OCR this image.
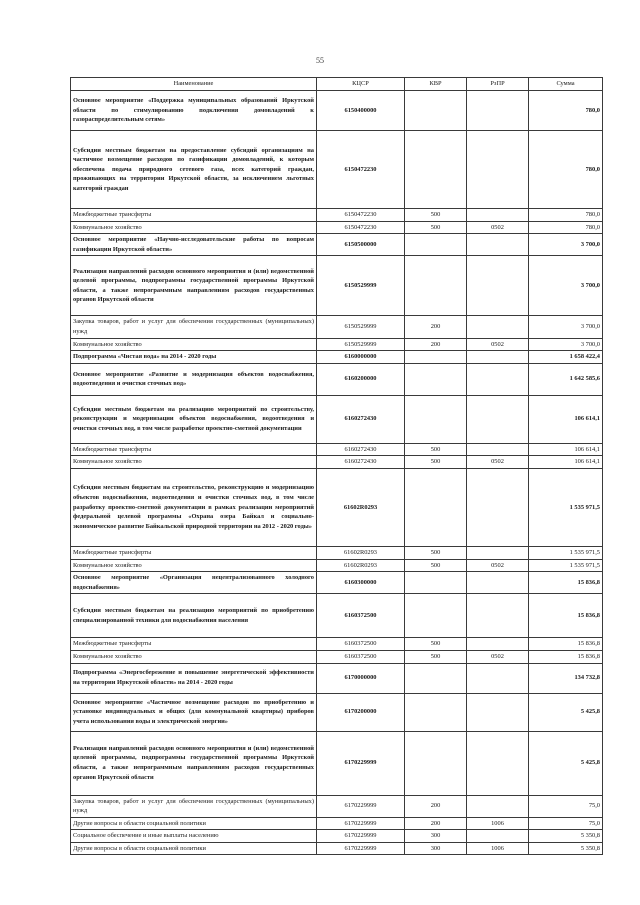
55
Наименование	КЦСР	КВР	РзПР	Сумма
Основное мероприятие «Поддержка муниципальных образований Иркутской области по стимулированию подключения домовладений к газораспределительным сетям»	6150400000			780,0
Субсидии местным бюджетам на предоставление субсидий организациям на частичное возмещение расходов по газификации домовладений, к которым обеспечена подача природного сетевого газа, всех категорий граждан, проживающих на территории Иркутской области, за исключением льготных категорий граждан	6150472230			780,0
Межбюджетные трансферты	6150472230	500		780,0
Коммунальное хозяйство	6150472230	500	0502	780,0
Основное мероприятие «Научно-исследовательские работы по вопросам газификации Иркутской области»	6150500000			3 700,0
Реализация направлений расходов основного мероприятия и (или) ведомственной целевой программы, подпрограммы государственной программы Иркутской области, а также непрограммным направлениям расходов государственных органов Иркутской области	6150529999			3 700,0
Закупка товаров, работ и услуг для обеспечения государственных (муниципальных) нужд	6150529999	200		3 700,0
Коммунальное хозяйство	6150529999	200	0502	3 700,0
Подпрограмма «Чистая вода» на 2014 - 2020 годы	6160000000			1 658 422,4
Основное мероприятие «Развитие и модернизация объектов водоснабжения, водоотведения и очистки сточных вод»	6160200000			1 642 585,6
Субсидии местным бюджетам на реализацию мероприятий по строительству, реконструкции и модернизации объектов водоснабжения, водоотведения и очистки сточных вод, в том числе разработке проектно-сметной документации	6160272430			106 614,1
Межбюджетные трансферты	6160272430	500		106 614,1
Коммунальное хозяйство	6160272430	500	0502	106 614,1
Субсидии местным бюджетам на строительство, реконструкцию и модернизацию объектов водоснабжения, водоотведения и очистки сточных вод, в том числе разработку проектно-сметной документации в рамках реализации мероприятий федеральной целевой программы «Охрана озера Байкал и социально-экономическое развитие Байкальской природной территории на 2012 - 2020 годы»	61602R0293			1 535 971,5
Межбюджетные трансферты	61602R0293	500		1 535 971,5
Коммунальное хозяйство	61602R0293	500	0502	1 535 971,5
Основное мероприятие «Организация нецентрализованного холодного водоснабжения»	6160300000			15 836,8
Субсидии местным бюджетам на реализацию мероприятий по приобретению специализированной техники для водоснабжения населения	6160372500			15 836,8
Межбюджетные трансферты	6160372500	500		15 836,8
Коммунальное хозяйство	6160372500	500	0502	15 836,8
Подпрограмма «Энергосбережение и повышение энергетической эффективности на территории Иркутской области» на 2014 - 2020 годы	6170000000			134 732,8
Основное мероприятие «Частичное возмещение расходов по приобретению и установке индивидуальных и общих (для коммунальной квартиры) приборов учета использования воды и электрической энергии»	6170200000			5 425,8
Реализация направлений расходов основного мероприятия и (или) ведомственной целевой программы, подпрограммы государственной программы Иркутской области, а также непрограммным направлениям расходов государственных органов Иркутской области	6170229999			5 425,8
Закупка товаров, работ и услуг для обеспечения государственных (муниципальных) нужд	6170229999	200		75,0
Другие вопросы в области социальной политики	6170229999	200	1006	75,0
Социальное обеспечение и иные выплаты населению	6170229999	300		5 350,8
Другие вопросы в области социальной политики	6170229999	300	1006	5 350,8
